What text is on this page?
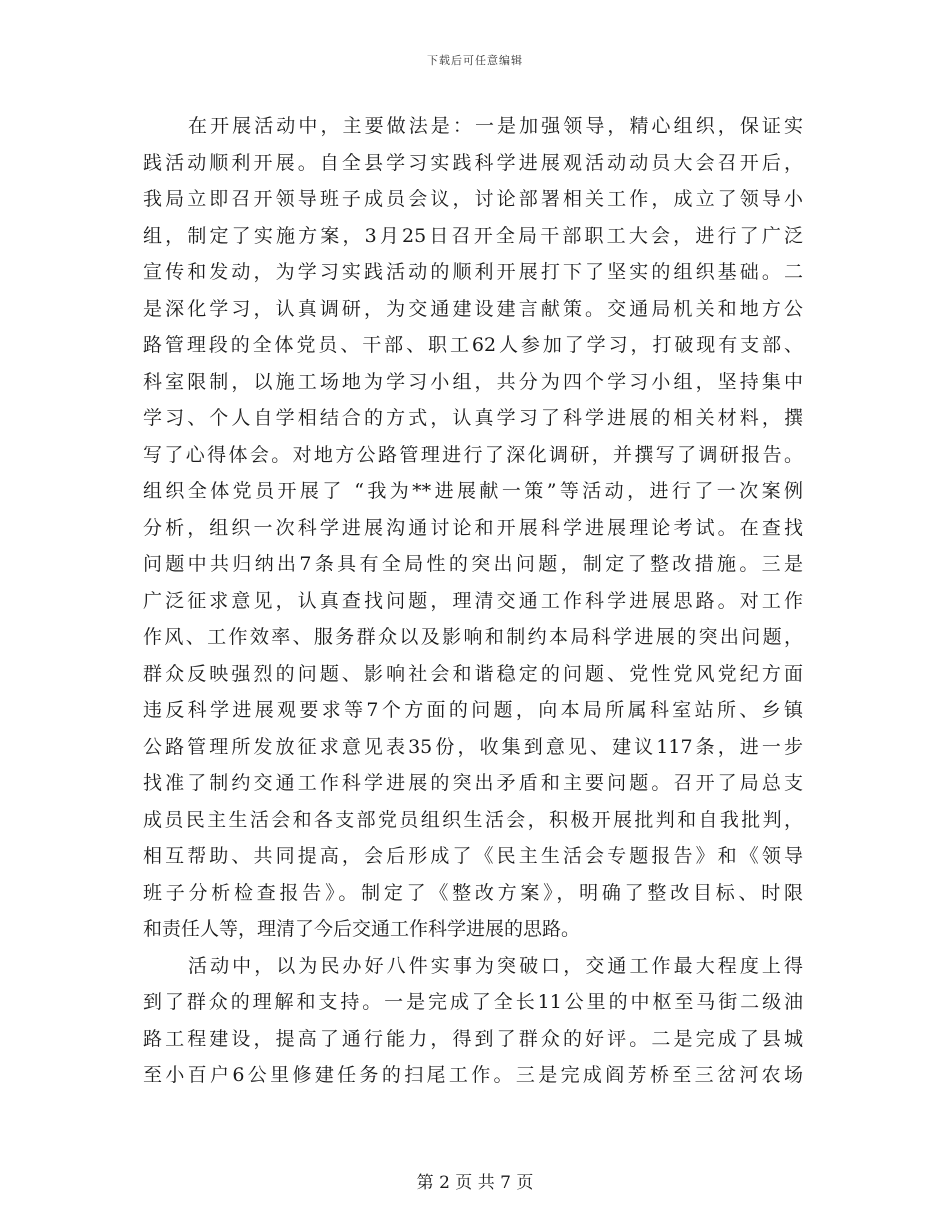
下载后可任意编辑
在开展活动中，主要做法是：一是加强领导，精心组织，保证实
践活动顺利开展。自全县学习实践科学进展观活动动员大会召开后，
我局立即召开领导班子成员会议，讨论部署相关工作，成立了领导小
组，制定了实施方案，3月25日召开全局干部职工大会，进行了广泛
宣传和发动，为学习实践活动的顺利开展打下了坚实的组织基础。二
是深化学习，认真调研，为交通建设建言献策。交通局机关和地方公
路管理段的全体党员、干部、职工62人参加了学习，打破现有支部、
科室限制，以施工场地为学习小组，共分为四个学习小组，坚持集中
学习、个人自学相结合的方式，认真学习了科学进展的相关材料，撰
写了心得体会。对地方公路管理进行了深化调研，并撰写了调研报告。
组织全体党员开展了 “我为**进展献一策”等活动，进行了一次案例
分析，组织一次科学进展沟通讨论和开展科学进展理论考试。在查找
问题中共归纳出7条具有全局性的突出问题，制定了整改措施。三是
广泛征求意见，认真查找问题，理清交通工作科学进展思路。对工作
作风、工作效率、服务群众以及影响和制约本局科学进展的突出问题，
群众反映强烈的问题、影响社会和谐稳定的问题、党性党风党纪方面
违反科学进展观要求等7个方面的问题，向本局所属科室站所、乡镇
公路管理所发放征求意见表35份，收集到意见、建议117条，进一步
找准了制约交通工作科学进展的突出矛盾和主要问题。召开了局总支
成员民主生活会和各支部党员组织生活会，积极开展批判和自我批判，
相互帮助、共同提高，会后形成了《民主生活会专题报告》和《领导
班子分析检查报告》。制定了《整改方案》，明确了整改目标、时限
和责任人等，理清了今后交通工作科学进展的思路。
活动中，以为民办好八件实事为突破口，交通工作最大程度上得
到了群众的理解和支持。一是完成了全长11公里的中枢至马街二级油
路工程建设，提高了通行能力，得到了群众的好评。二是完成了县城
至小百户6公里修建任务的扫尾工作。三是完成阎芳桥至三岔河农场
第 2 页 共 7 页
